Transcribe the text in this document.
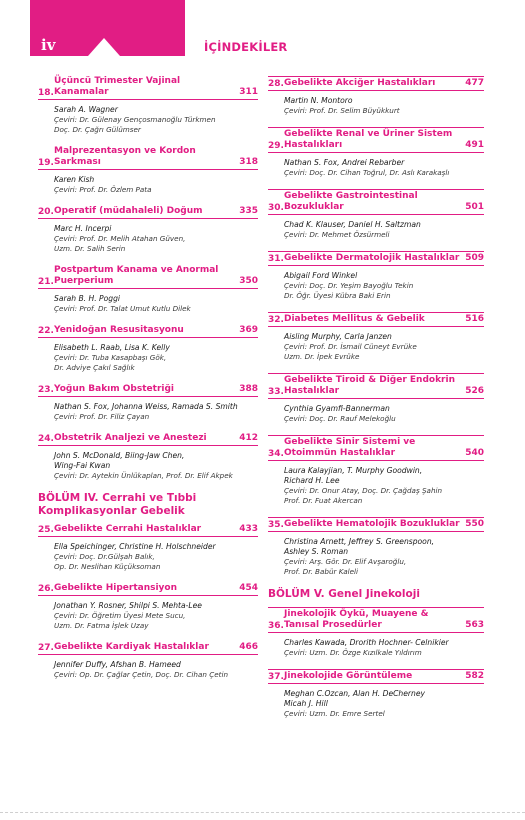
iv	İÇİNDEKİLER
18.
Üçüncü Trimester Vajinal Kanamalar	311
Sarah A. Wagner
Çeviri: Dr. Gülenay Gençosmanoğlu Türkmen
Doç. Dr. Çağrı Gülümser
19.
Malprezentasyon ve Kordon Sarkması	318
Karen Kish
Çeviri: Prof. Dr. Özlem Pata
20. Operatif (müdahaleli) Doğum	335
Marc H. Incerpi
Çeviri: Prof. Dr. Melih Atahan Güven,
Uzm. Dr. Salih Serin
21.
Postpartum Kanama ve Anormal Puerperium	350
Sarah B. H. Poggi
Çeviri: Prof. Dr. Talat Umut Kutlu Dilek
22. Yenidoğan Resusitasyonu	369
Elisabeth L. Raab, Lisa K. Kelly
Çeviri: Dr. Tuba Kasapbaşı Gök,
Dr. Adviye Çakıl Sağlık
23. Yoğun Bakım Obstetriği	388
Nathan S. Fox, Johanna Weiss, Ramada S. Smith
Çeviri: Prof. Dr. Filiz Çayan
24. Obstetrik Analjezi ve Anestezi	412
John S. McDonald, Biing-Jaw Chen,
Wing-Fai Kwan
Çeviri: Dr. Aytekin Ünlükaplan, Prof. Dr. Elif Akpek
BÖLÜM IV. Cerrahi ve Tıbbi Komplikasyonlar Gebelik
25. Gebelikte Cerrahi Hastalıklar	433
Ella Speichinger, Christine H. Holschneider
Çeviri: Doç. Dr.Gülşah Balık,
Op. Dr. Neslihan Küçüksoman
26. Gebelikte Hipertansiyon	454
Jonathan Y. Rosner, Shilpi S. Mehta-Lee
Çeviri: Dr. Öğretim Üyesi Mete Sucu,
Uzm. Dr. Fatma İşlek Uzay
27. Gebelikte Kardiyak Hastalıklar	466
Jennifer Duffy, Afshan B. Hameed
Çeviri: Op. Dr. Çağlar Çetin, Doç. Dr. Cihan Çetin
28. Gebelikte Akciğer Hastalıkları	477
Martin N. Montoro
Çeviri: Prof. Dr. Selim Büyükkurt
29.
Gebelikte Renal ve Üriner Sistem Hastalıkları	491
Nathan S. Fox, Andrei Rebarber
Çeviri: Doç. Dr. Cihan Toğrul, Dr. Aslı Karakaşlı
30.
Gebelikte Gastrointestinal Bozukluklar	501
Chad K. Klauser, Daniel H. Saltzman
Çeviri: Dr. Mehmet Özsürmeli
31. Gebelikte Dermatolojik Hastalıklar 509
Abigail Ford Winkel
Çeviri: Doç. Dr. Yeşim Bayoğlu Tekin
Dr. Öğr. Üyesi Kübra Baki Erin
32. Diabetes Mellitus & Gebelik	516
Aisling Murphy, Carla Janzen
Çeviri: Prof. Dr. İsmail Cüneyt Evrüke
Uzm. Dr. İpek Evrüke
33.
Gebelikte Tiroid & Diğer Endokrin Hastalıklar	526
Cynthia Gyamfi-Bannerman
Çeviri: Doç. Dr. Rauf Melekoğlu
34.
Gebelikte Sinir Sistemi ve Otoimmün Hastalıklar	540
Laura Kalayjian, T. Murphy Goodwin,
Richard H. Lee
Çeviri: Dr. Onur Atay, Doç. Dr. Çağdaş Şahin
Prof. Dr. Fuat Akercan
35. Gebelikte Hematolojik Bozukluklar 550
Christina Arnett, Jeffrey S. Greenspoon,
Ashley S. Roman
Çeviri: Arş. Gör. Dr. Elif Avşaroğlu,
Prof. Dr. Babür Kaleli
BÖLÜM V. Genel Jinekoloji
36.
Jinekolojik Öykü, Muayene & Tanısal Prosedürler	563
Charles Kawada, Drorith Hochner- Celnikier
Çeviri: Uzm. Dr. Özge Kızılkale Yıldırım
37. Jinekolojide Görüntüleme	582
Meghan C.Ozcan, Alan H. DeCherney
Micah J. Hill
Çeviri: Uzm. Dr. Emre Sertel
